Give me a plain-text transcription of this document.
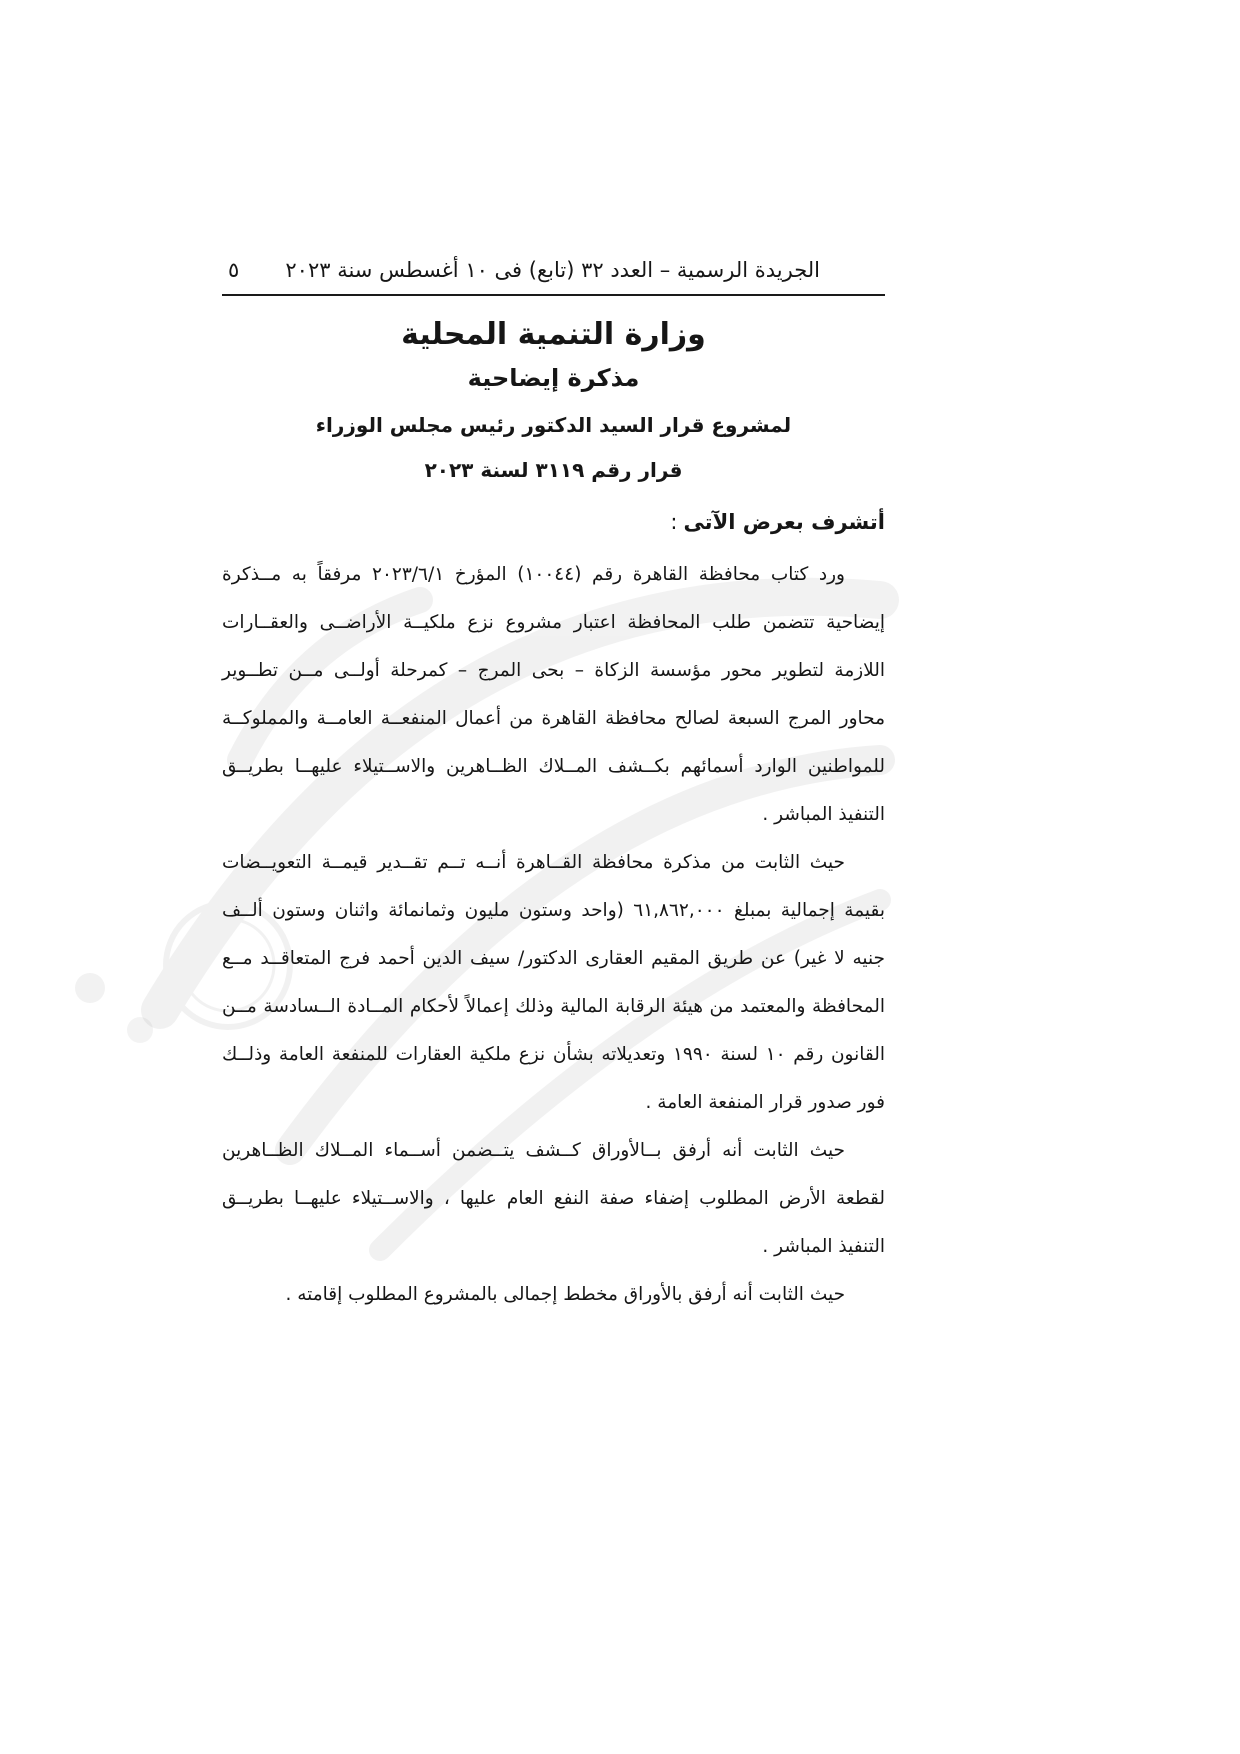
الجريدة الرسمية – العدد ٣٢ (تابع) فى ١٠ أغسطس سنة ٢٠٢٣
٥
وزارة التنمية المحلية
مذكرة إيضاحية
لمشروع قرار السيد الدكتور رئيس مجلس الوزراء
قرار رقم ٣١١٩ لسنة ٢٠٢٣
أتشرف بعرض الآتى:
ورد كتاب محافظة القاهرة رقم (١٠٠٤٤) المؤرخ ٢٠٢٣/٦/١ مرفقاً به مــذكرة
إيضاحية تتضمن طلب المحافظة اعتبار مشروع نزع ملكيــة الأراضــى والعقــارات
اللازمة لتطوير محور مؤسسة الزكاة – بحى المرج – كمرحلة أولــى مــن تطــوير
محاور المرج السبعة لصالح محافظة القاهرة من أعمال المنفعــة العامــة والمملوكــة
للمواطنين الوارد أسمائهم بكــشف المــلاك الظــاهرين والاســتيلاء عليهــا بطريــق
التنفيذ المباشر .
حيث الثابت من مذكرة محافظة القــاهرة أنــه تــم تقــدير قيمــة التعويــضات
بقيمة إجمالية بمبلغ ٦١,٨٦٢,٠٠٠ (واحد وستون مليون وثمانمائة واثنان وستون ألــف
جنيه لا غير) عن طريق المقيم العقارى الدكتور/ سيف الدين أحمد فرج المتعاقــد مــع
المحافظة والمعتمد من هيئة الرقابة المالية وذلك إعمالاً لأحكام المــادة الــسادسة مــن
القانون رقم ١٠ لسنة ١٩٩٠ وتعديلاته بشأن نزع ملكية العقارات للمنفعة العامة وذلــك
فور صدور قرار المنفعة العامة .
حيث الثابت أنه أرفق بــالأوراق كــشف يتــضمن أســماء المــلاك الظــاهرين
لقطعة الأرض المطلوب إضفاء صفة النفع العام عليها ، والاســتيلاء عليهــا بطريــق
التنفيذ المباشر .
حيث الثابت أنه أرفق بالأوراق مخطط إجمالى بالمشروع المطلوب إقامته .
